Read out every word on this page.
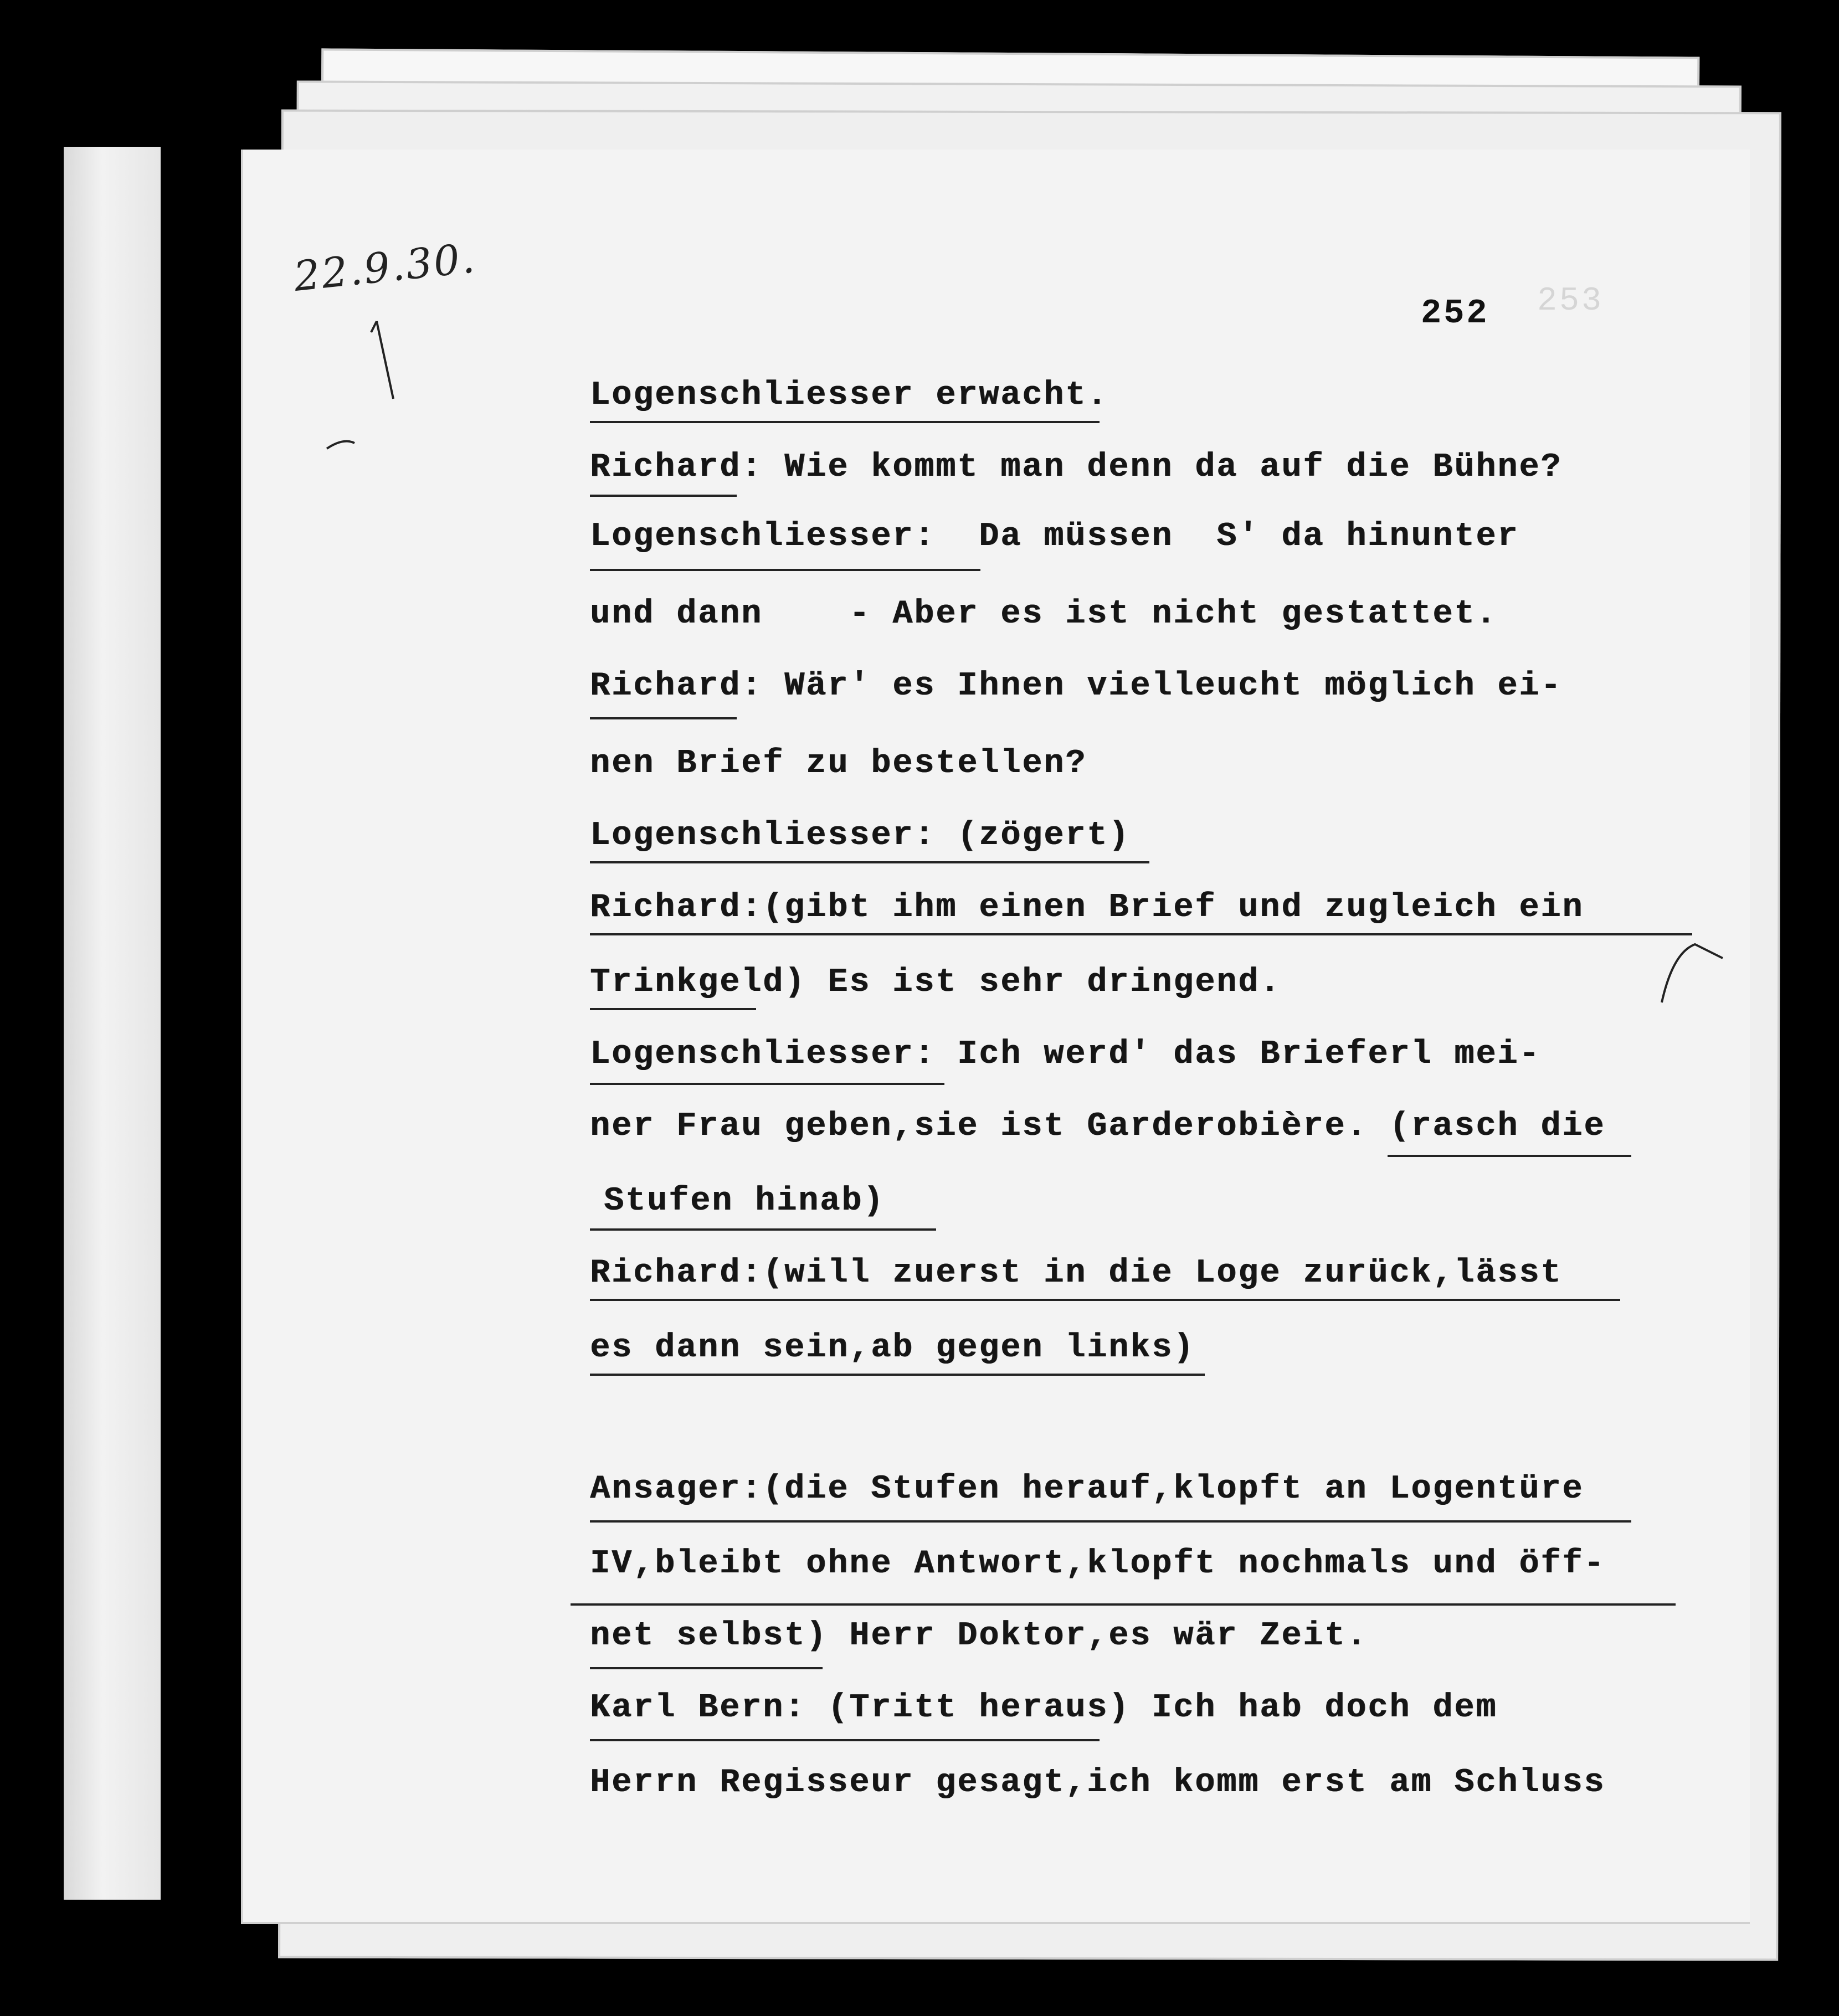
22.9.30.
252 253
Logenschliesser erwacht.
Richard: Wie kommt man denn da auf die Bühne?
Logenschliesser:  Da müssen  S' da hinunter
und dann    - Aber es ist nicht gestattet.
Richard: Wär' es Ihnen vielleucht möglich ei-
nen Brief zu bestellen?
Logenschliesser: (zögert)
Richard:(gibt ihm einen Brief und zugleich ein
Trinkgeld) Es ist sehr dringend.
Logenschliesser: Ich werd' das Brieferl mei-
ner Frau geben,sie ist Garderobière. (rasch die
Stufen hinab)
Richard:(will zuerst in die Loge zurück,lässt
es dann sein,ab gegen links)
Ansager:(die Stufen herauf,klopft an Logentüre
IV,bleibt ohne Antwort,klopft nochmals und öff-
net selbst) Herr Doktor,es wär Zeit.
Karl Bern: (Tritt heraus) Ich hab doch dem
Herrn Regisseur gesagt,ich komm erst am Schluss
